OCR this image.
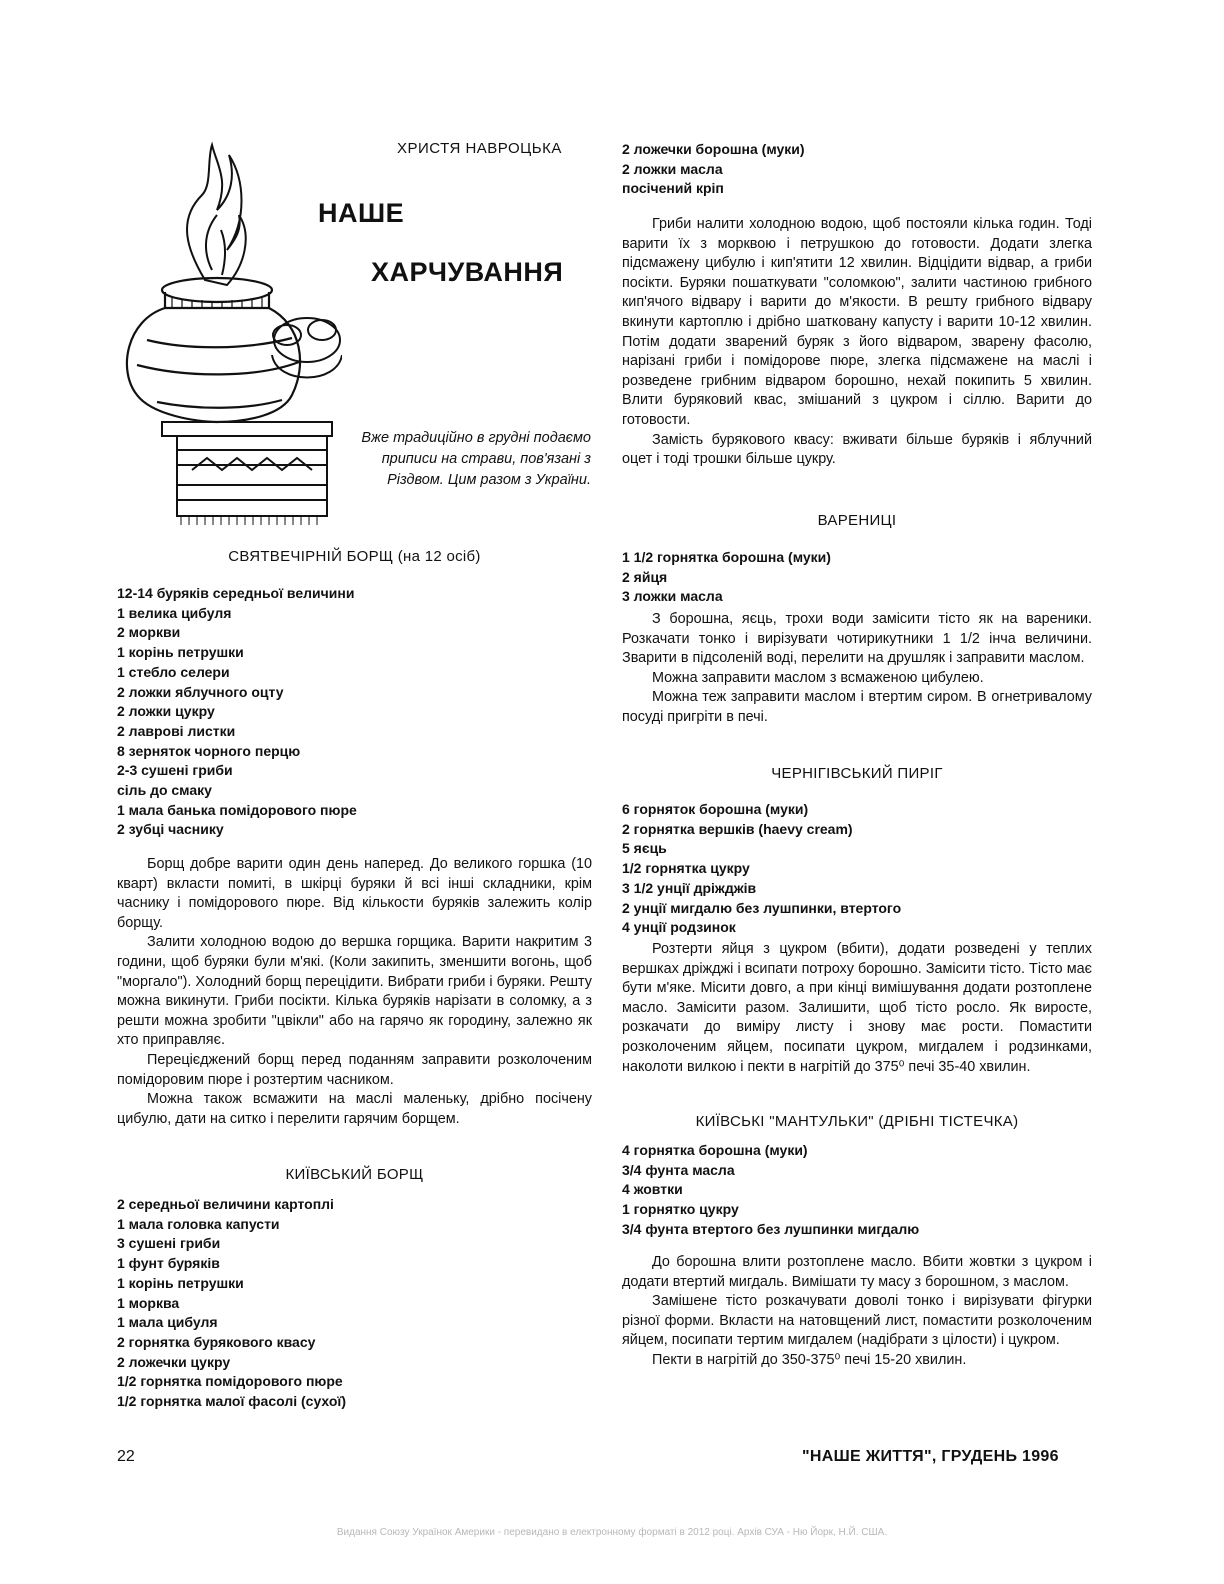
ХРИСТЯ НАВРОЦЬКА
НАШЕ
ХАРЧУВАННЯ
Вже традиційно в грудні подаємо приписи на страви, пов'язані з Різдвом. Цим разом з України.
СВЯТВЕЧІРНІЙ БОРЩ (на 12 осіб)
12-14 буряків середньої величини
1 велика цибуля
2 моркви
1 корінь петрушки
1 стебло селери
2 ложки яблучного оцту
2 ложки цукру
2 лаврові листки
8 зерняток чорного перцю
2-3 сушені гриби
сіль до смаку
1 мала банька помідорового пюре
2 зубці часнику

Борщ добре варити один день наперед. До великого горшка (10 кварт) вкласти помиті, в шкірці буряки й всі інші складники, крім часнику і помідорового пюре. Від кількости буряків залежить колір борщу.

Залити холодною водою до вершка горщика. Варити накритим 3 години, щоб буряки були м'які. (Коли закипить, зменшити вогонь, щоб "моргало"). Холодний борщ перецідити. Вибрати гриби і буряки. Решту можна викинути. Гриби посікти. Кілька буряків нарізати в соломку, а з решти можна зробити "цвікли" або на гарячо як городину, залежно як хто приправляє.

Перецієджений борщ перед поданням заправити розколоченим помідоровим пюре і розтертим часником.

Можна також всмажити на маслі маленьку, дрібно посічену цибулю, дати на ситко і перелити гарячим борщем.

КИЇВСЬКИЙ БОРЩ
2 середньої величини картоплі
1 мала головка капусти
3 сушені гриби
1 фунт буряків
1 корінь петрушки
1 морква
1 мала цибуля
2 горнятка бурякового квасу
2 ложечки цукру
1/2 горнятка помідорового пюре
1/2 горнятка малої фасолі (сухої)
2 ложечки борошна (муки)
2 ложки масла
посічений кріп

Гриби налити холодною водою, щоб постояли кілька годин. Тоді варити їх з морквою і петрушкою до готовости. Додати злегка підсмажену цибулю і кип'ятити 12 хвилин. Відцідити відвар, а гриби посікти. Буряки пошаткувати "соломкою", залити частиною грибного кип'ячого відвару і варити до м'якости. В решту грибного відвару вкинути картоплю і дрібно шатковану капусту і варити 10-12 хвилин. Потім додати зварений буряк з його відваром, зварену фасолю, нарізані гриби і помідорове пюре, злегка підсмажене на маслі і розведене грибним відваром борошно, нехай покипить 5 хвилин. Влити буряковий квас, змішаний з цукром і сіллю. Варити до готовости.

Замість бурякового квасу: вживати більше буряків і яблучний оцет і тоді трошки більше цукру.

ВАРЕНИЦІ
1 1/2 горнятка борошна (муки)
2 яйця
3 ложки масла

З борошна, яєць, трохи води замісити тісто як на вареники. Розкачати тонко і вирізувати чотирикутники 1 1/2 інча величини. Зварити в підсоленій воді, перелити на друшляк і заправити маслом.

Можна заправити маслом з всмаженою цибулею.

Можна теж заправити маслом і втертим сиром. В огнетривалому посуді пригріти в печі.

ЧЕРНІГІВСЬКИЙ ПИРІГ
6 горняток борошна (муки)
2 горнятка вершків (haevy cream)
5 яєць
1/2 горнятка цукру
3 1/2 унції дріжджів
2 унції мигдалю без лушпинки, втертого
4 унції родзинок

Розтерти яйця з цукром (вбити), додати розведені у теплих вершках дріжджі і всипати потроху борошно. Замісити тісто. Тісто має бути м'яке. Місити довго, а при кінці вимішування додати розтоплене масло. Замісити разом. Залишити, щоб тісто росло. Як виросте, розкачати до виміру листу і знову має рости. Помастити розколоченим яйцем, посипати цукром, мигдалем і родзинками, наколоти вилкою і пекти в нагрітій до 375⁰ печі 35-40 хвилин.

КИЇВСЬКІ "МАНТУЛЬКИ" (ДРІБНІ ТІСТЕЧКА)
4 горнятка борошна (муки)
3/4 фунта масла
4 жовтки
1 горнятко цукру
3/4 фунта втертого без лушпинки мигдалю

До борошна влити розтоплене масло. Вбити жовтки з цукром і додати втертий мигдаль. Вимішати ту масу з борошном, з маслом.

Замішене тісто розкачувати доволі тонко і вирізувати фігурки різної форми. Вкласти на натовщений лист, помастити розколоченим яйцем, посипати тертим мигдалем (надібрати з цілости) і цукром.

Пекти в нагрітій до 350-375⁰ печі 15-20 хвилин.

22	"НАШЕ ЖИТТЯ", ГРУДЕНЬ 1996
Видання Союзу Українок Америки - перевидано в електронному форматі в 2012 році. Архів СУА - Ню Йорк, Н.Й. США.
